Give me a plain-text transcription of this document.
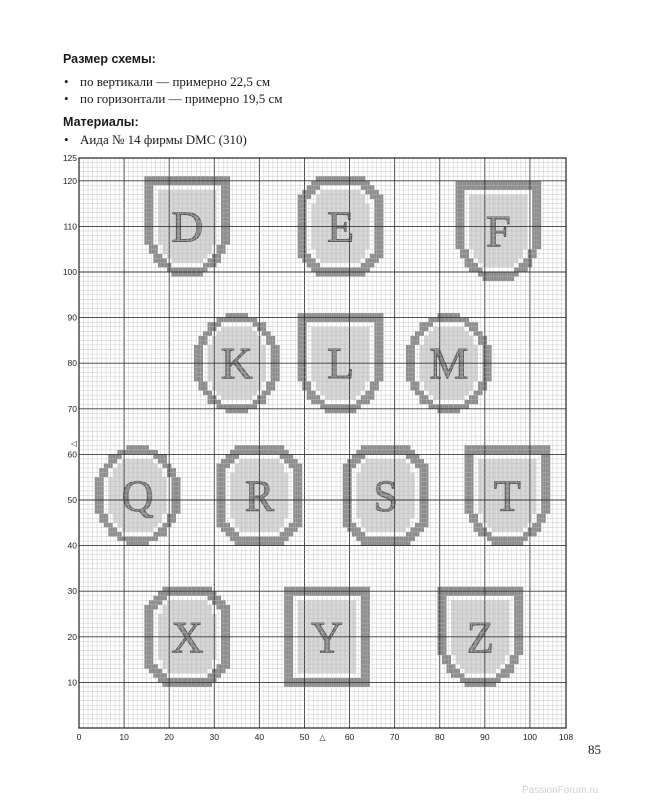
Размер схемы:
• по вертикали — примерно 22,5 см
• по горизонтали — примерно 19,5 см
Материалы:
• Аида № 14 фирмы DMC (310)
D	E	F
K L M
Q R S T
X Y	Z
0	10	20	30	40	50	60	70	80	90	100	108
10
20
30
40
50
60
70
80
90
100
110
120
125
△
◁
85
PassionForum.ru
